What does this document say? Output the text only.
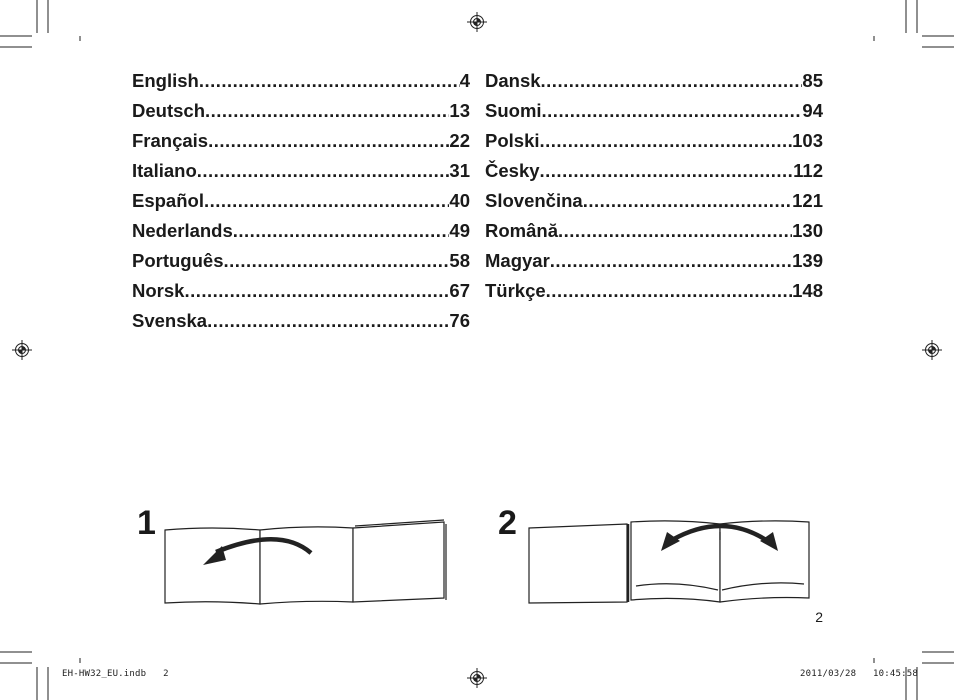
English .....	4
Deutsch .....	13
Français .....	22
Italiano .....	31
Español .....	40
Nederlands .....	49
Português .....	58
Norsk .....	67
Svenska .....	76
Dansk .....	85
Suomi .....	94
Polski .....	103
Česky .....	112
Slovenčina .....	121
Română .....	130
Magyar .....	139
Türkçe .....	148
1	2
2
EH-HW32_EU.indb   2	2011/03/28   10:45:58
